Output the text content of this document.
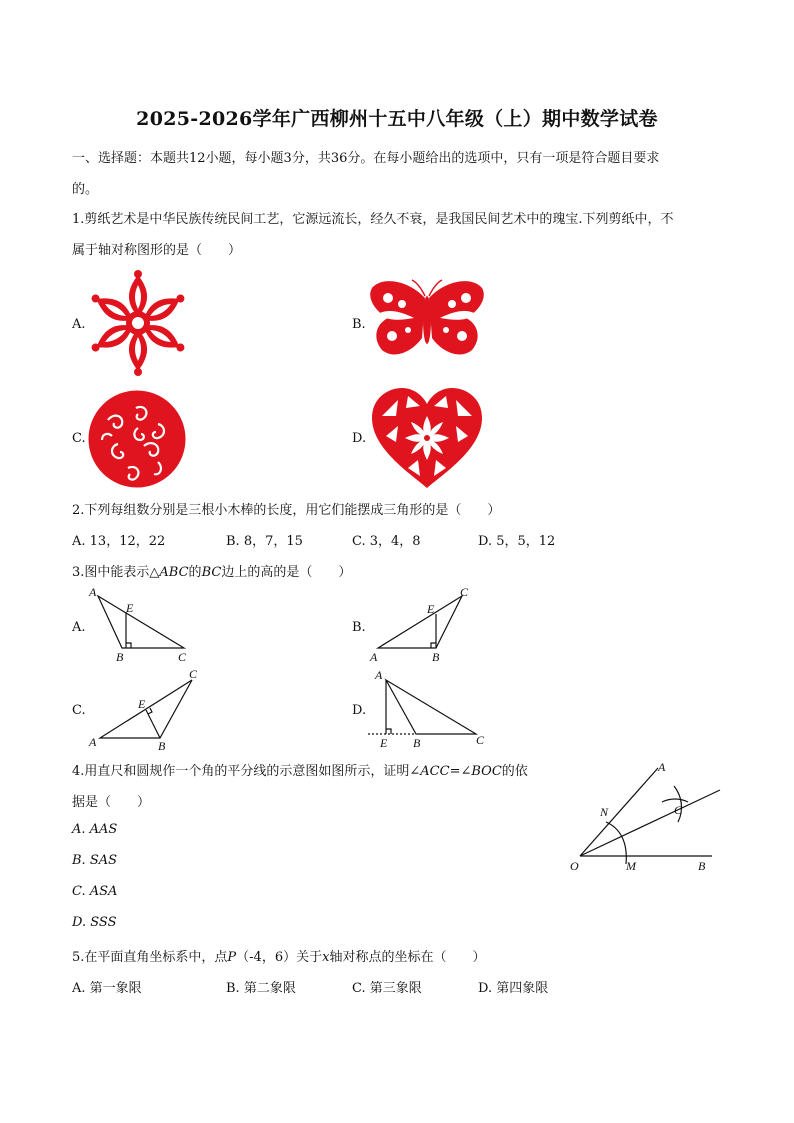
2025-2026学年广西柳州十五中八年级（上）期中数学试卷
一、选择题：本题共12小题，每小题3分，共36分。在每小题给出的选项中，只有一项是符合题目要求
的。
1.剪纸艺术是中华民族传统民间工艺，它源远流长，经久不衰，是我国民间艺术中的瑰宝.下列剪纸中，不
属于轴对称图形的是（　　）
A.	B.
C.	D.
2.下列每组数分别是三根小木棒的长度，用它们能摆成三角形的是（　　）
A. 13，12，22	B. 8，7，15	C. 3，4，8	D. 5，5，12
3.图中能表示△ABC的BC边上的高的是（　　）
A.	B.
C.	D.
A
E
B	C	A
E
B
C
A
E
B
C	A
E B	C
4.用直尺和圆规作一个角的平分线的示意图如图所示，证明∠ACC=∠BOC的依
据是（　　）
A. AAS
B. SAS
C. ASA
D. SSS
A
N	C
O	M	B
5.在平面直角坐标系中，点P（-4，6）关于x轴对称点的坐标在（　　）
A. 第一象限	B. 第二象限	C. 第三象限	D. 第四象限
